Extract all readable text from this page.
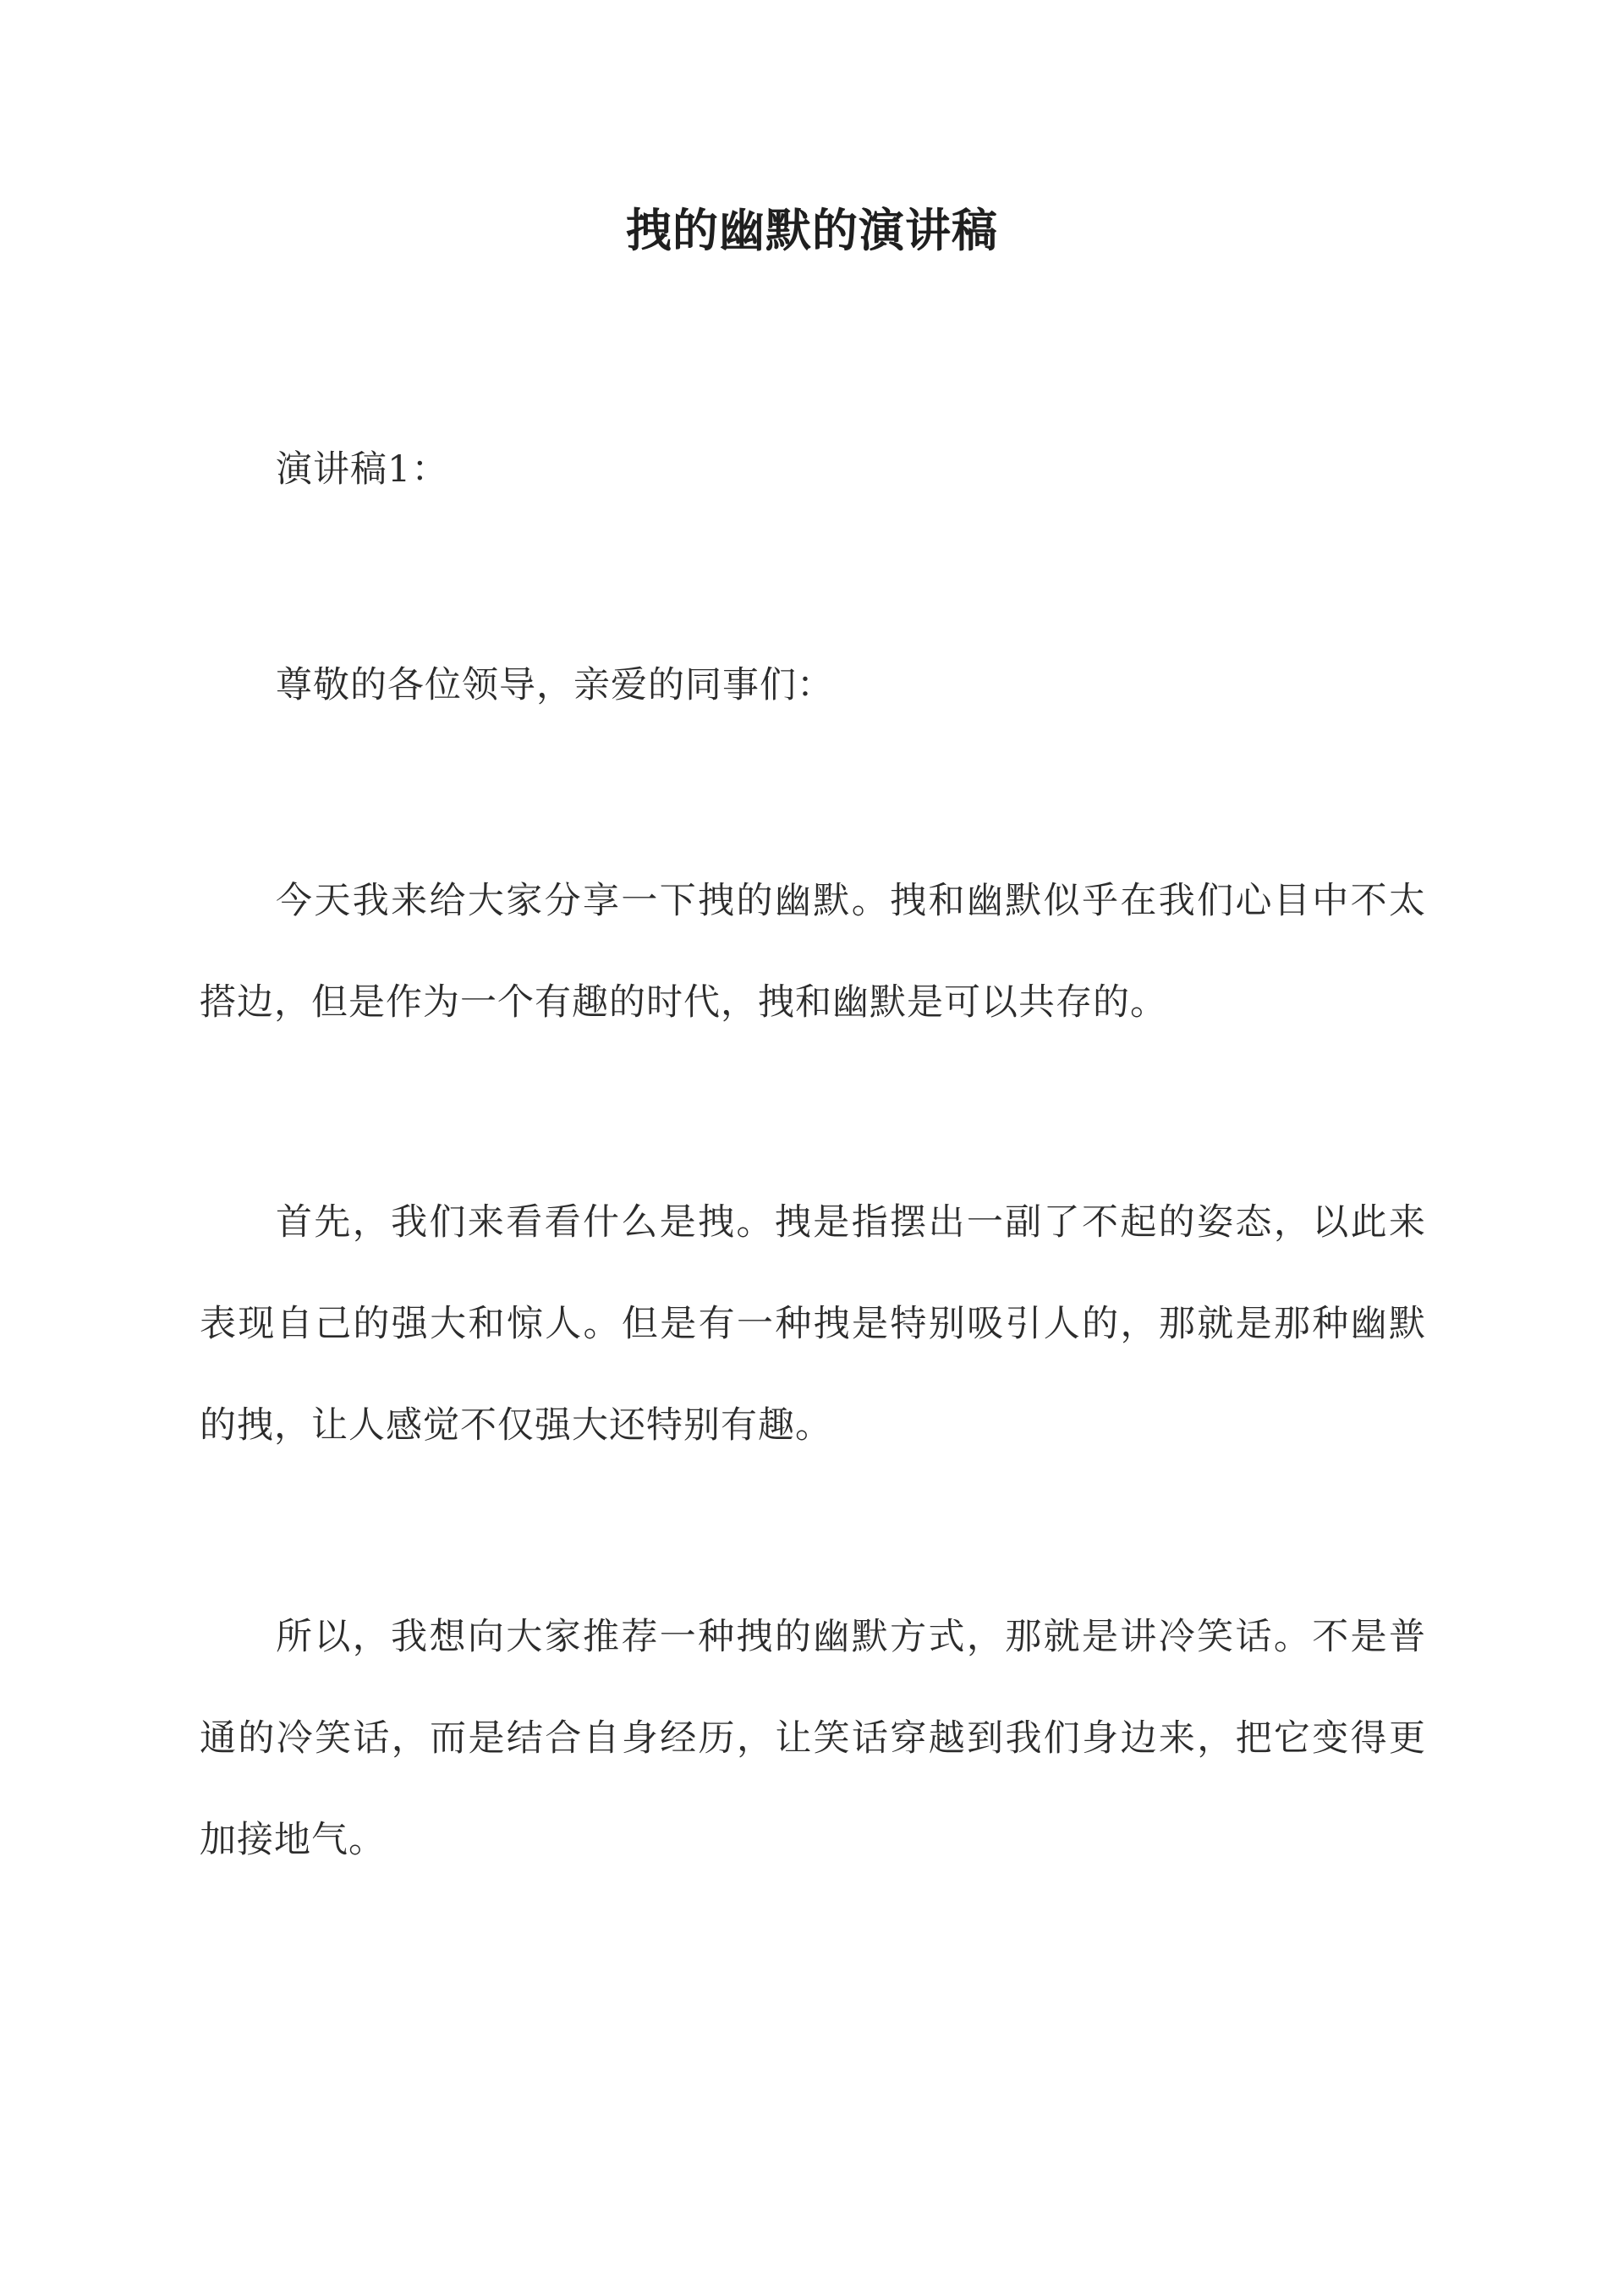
拽的幽默的演讲稿

演讲稿1：

尊敬的各位领导，亲爱的同事们：

今天我来给大家分享一下拽的幽默。拽和幽默似乎在我们心目中不太搭边，但是作为一个有趣的时代，拽和幽默是可以共存的。

首先，我们来看看什么是拽。拽是指摆出一副了不起的姿态，以此来表现自己的强大和惊人。但是有一种拽是特别吸引人的，那就是那种幽默的拽，让人感觉不仅强大还特别有趣。

所以，我想向大家推荐一种拽的幽默方式，那就是讲冷笑话。不是普通的冷笑话，而是结合自身经历，让笑话穿越到我们身边来，把它变得更加接地气。
